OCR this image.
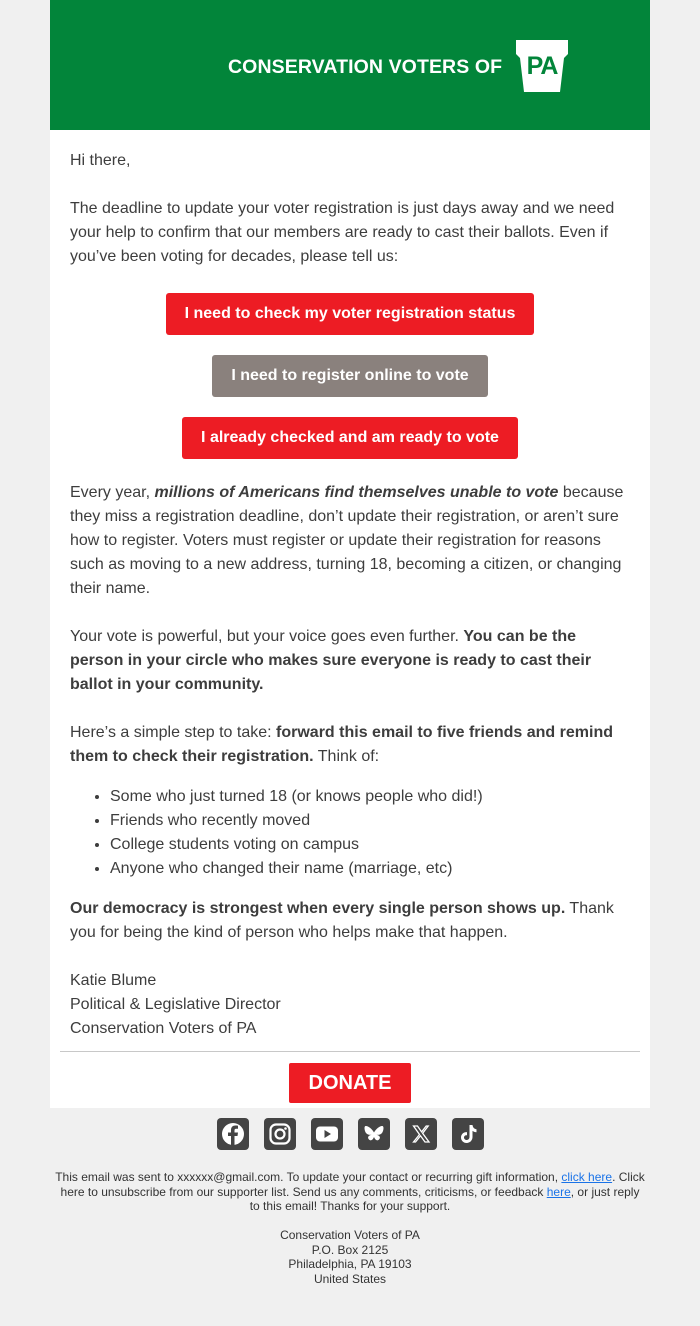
CONSERVATION VOTERS OF PA

Hi there,

The deadline to update your voter registration is just days away and we need your help to confirm that our members are ready to cast their ballots. Even if you’ve been voting for decades, please tell us:

I need to check my voter registration status
I need to register online to vote
I already checked and am ready to vote

Every year, millions of Americans find themselves unable to vote because they miss a registration deadline, don’t update their registration, or aren’t sure how to register. Voters must register or update their registration for reasons such as moving to a new address, turning 18, becoming a citizen, or changing their name.

Your vote is powerful, but your voice goes even further. You can be the person in your circle who makes sure everyone is ready to cast their ballot in your community.

Here’s a simple step to take: forward this email to five friends and remind them to check their registration. Think of:

• Some who just turned 18 (or knows people who did!)
• Friends who recently moved
• College students voting on campus
• Anyone who changed their name (marriage, etc)

Our democracy is strongest when every single person shows up. Thank you for being the kind of person who helps make that happen.

Katie Blume

Political & Legislative Director

Conservation Voters of PA

DONATE
This email was sent to xxxxxx@gmail.com. To update your contact or recurring gift information, click here. Click here to unsubscribe from our supporter list. Send us any comments, criticisms, or feedback here, or just reply to this email! Thanks for your support.
Conservation Voters of PA
P.O. Box 2125
Philadelphia, PA 19103
United States
